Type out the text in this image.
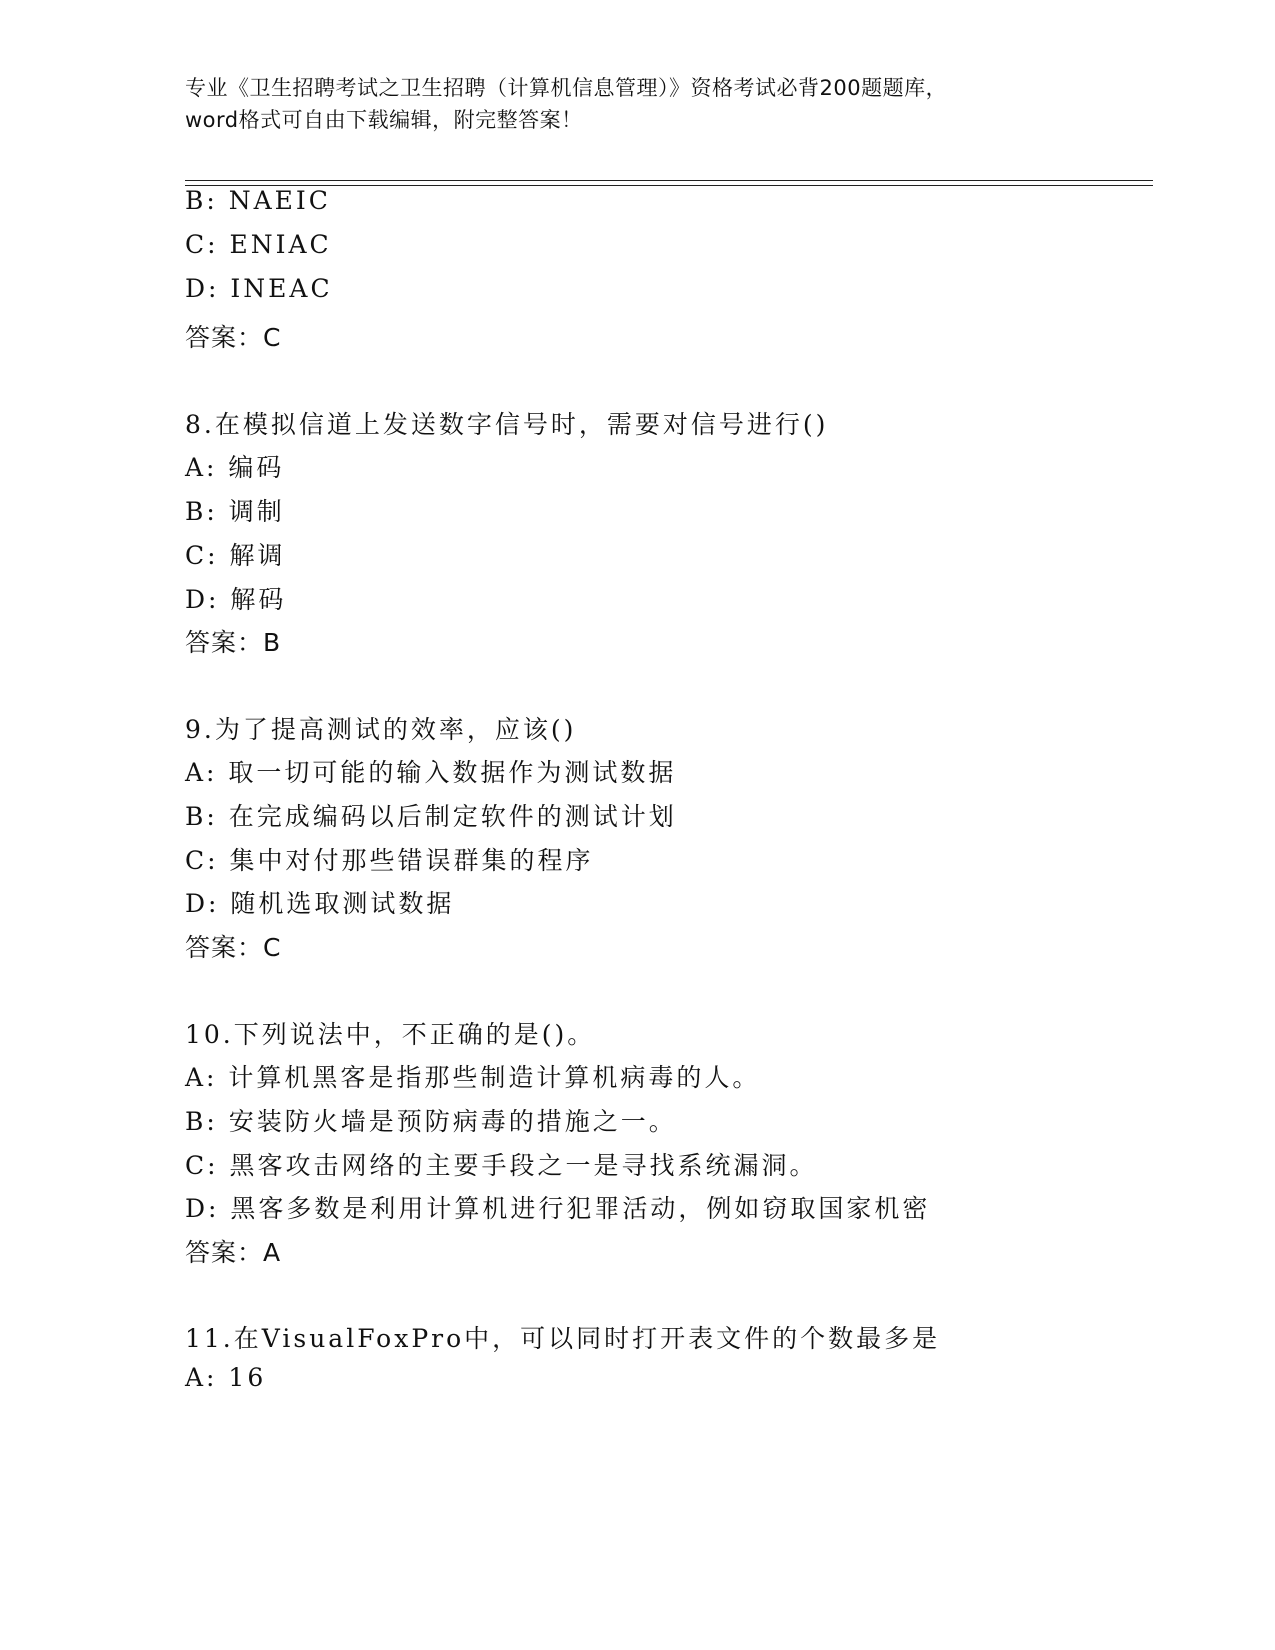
专业《卫生招聘考试之卫生招聘（计算机信息管理）》资格考试必背200题题库，
word格式可自由下载编辑，附完整答案！
B: NAEIC
C: ENIAC
D: INEAC
答案：C
8.在模拟信道上发送数字信号时，需要对信号进行()
A: 编码
B: 调制
C: 解调
D: 解码
答案：B
9.为了提高测试的效率，应该()
A: 取一切可能的输入数据作为测试数据
B: 在完成编码以后制定软件的测试计划
C: 集中对付那些错误群集的程序
D: 随机选取测试数据
答案：C
10.下列说法中，不正确的是()。
A: 计算机黑客是指那些制造计算机病毒的人。
B: 安装防火墙是预防病毒的措施之一。
C: 黑客攻击网络的主要手段之一是寻找系统漏洞。
D: 黑客多数是利用计算机进行犯罪活动，例如窃取国家机密
答案：A
11.在VisualFoxPro中，可以同时打开表文件的个数最多是
A: 16
